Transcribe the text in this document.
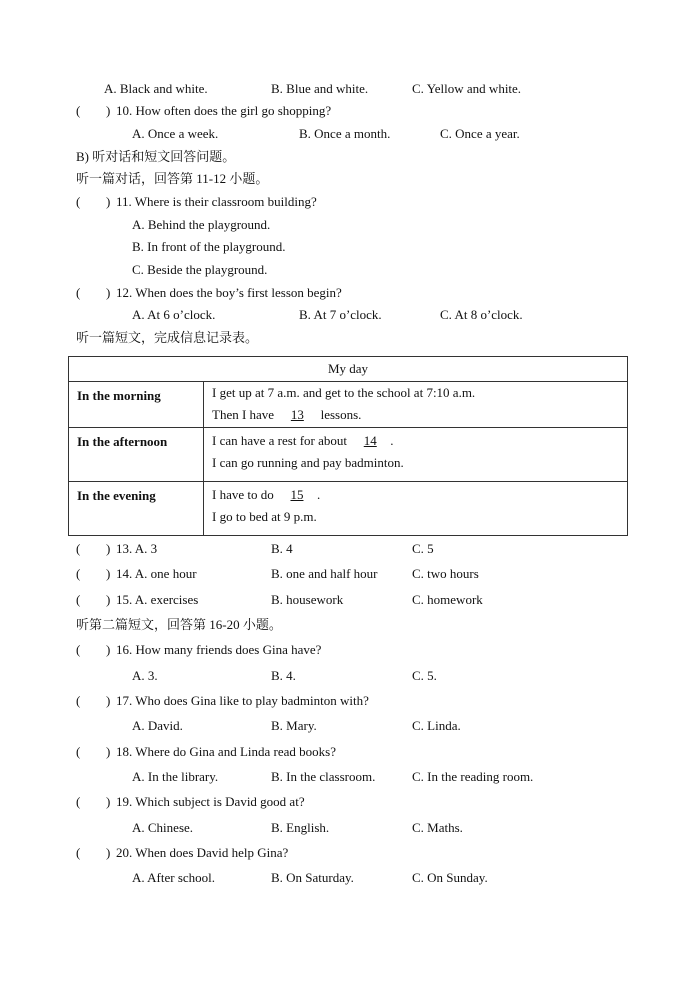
A. Black and white.	B. Blue and white.	C. Yellow and white.
( ) 10. How often does the girl go shopping?
A. Once a week.	B. Once a month.	C. Once a year.
B) 听对话和短文回答问题。
听一篇对话，回答第 11-12 小题。
( ) 11. Where is their classroom building?
A. Behind the playground.
B. In front of the playground.
C. Beside the playground.
( ) 12. When does the boy’s first lesson begin?
A. At 6 o’clock.	B. At 7 o’clock.	C. At 8 o’clock.
听一篇短文，完成信息记录表。
My day	
In the morning	I get up at 7 a.m. and get to the school at 7:10 a.m.
Then I have 13 lessons.

In the afternoon	I can have a rest for about 14 .
I can go running and pay badminton.

In the evening	I have to do 15 .
I go to bed at 9 p.m.
( ) 13. A. 3	B. 4	C. 5
( ) 14. A. one hour	B. one and half hour	C. two hours
( ) 15. A. exercises	B. housework	C. homework
听第二篇短文，回答第 16-20 小题。
( ) 16. How many friends does Gina have?
A. 3.	B. 4.	C. 5.
( ) 17. Who does Gina like to play badminton with?
A. David.	B. Mary.	C. Linda.
( ) 18. Where do Gina and Linda read books?
A. In the library.	B. In the classroom.	C. In the reading room.
( ) 19. Which subject is David good at?
A. Chinese.	B. English.	C. Maths.
( ) 20. When does David help Gina?
A. After school.	B. On Saturday.	C. On Sunday.
